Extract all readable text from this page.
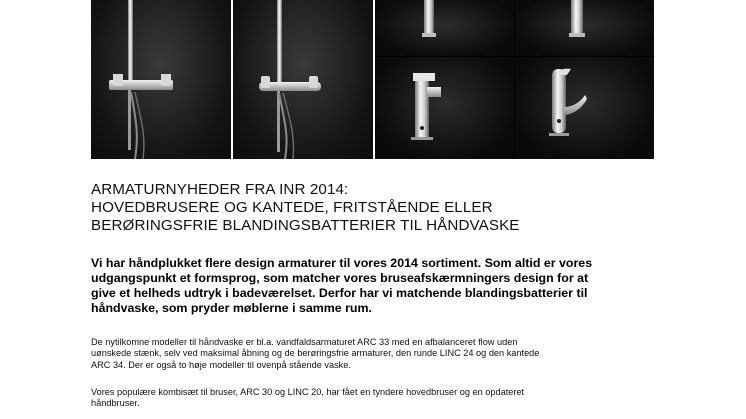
ARMATURNYHEDER FRA INR 2014:
HOVEDBRUSERE OG KANTEDE, FRITSTÅENDE ELLER
BERØRINGSFRIE BLANDINGSBATTERIER TIL HÅNDVASKE
Vi har håndplukket flere design armaturer til vores 2014 sortiment. Som altid er vores
udgangspunkt et formsprog, som matcher vores bruseafskærmningers design for at
give et helheds udtryk i badeværelset. Derfor har vi matchende blandingsbatterier til
håndvaske, som pryder møblerne i samme rum.
De nytilkomne modeller til håndvaske er bl.a. vandfaldsarmaturet ARC 33 med en afbalanceret flow uden
uønskede stænk, selv ved maksimal åbning og de berøringsfrie armaturer, den runde LINC 24 og den kantede
ARC 34. Der er også to høje modeller til ovenpå stående vaske.
Vores populære kombisæt til bruser, ARC 30 og LINC 20, har fået en tyndere hovedbruser og en opdateret
håndbruser.
